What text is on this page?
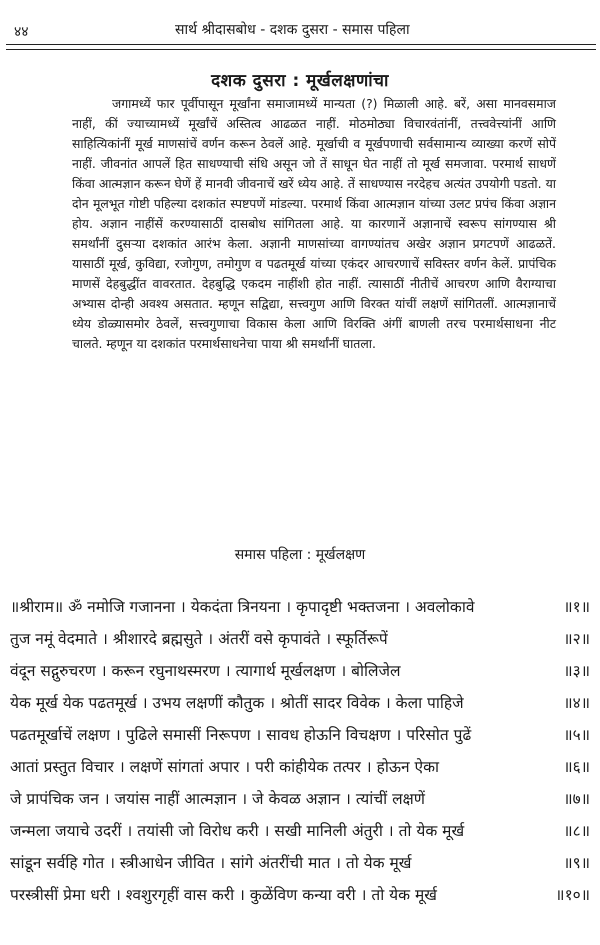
४४	सार्थ श्रीदासबोध - दशक दुसरा - समास पहिला
दशक दुसरा : मूर्खलक्षणांचा

जगामध्यें फार पूर्वीपासून मूर्खांना समाजामध्यें मान्यता (?) मिळाली आहे. बरें, असा मानवसमाज नाहीं, कीं ज्याच्यामध्यें मूर्खांचें अस्तित्व आढळत नाहीं. मोठमोठ्या विचारवंतांनीं, तत्त्ववेत्त्यांनीं आणि साहित्यिकांनीं मूर्ख माणसांचें वर्णन करून ठेवलें आहे. मूर्खाची व मूर्खपणाची सर्वसामान्य व्याख्या करणें सोपें नाहीं. जीवनांत आपलें हित साधण्याची संधि असून जो तें साधून घेत नाहीं तो मूर्ख समजावा. परमार्थ साधणें किंवा आत्मज्ञान करून घेणें हें मानवी जीवनाचें खरें ध्येय आहे. तें साधण्यास नरदेहच अत्यंत उपयोगी पडतो. या दोन मूलभूत गोष्टी पहिल्या दशकांत स्पष्टपणें मांडल्या. परमार्थ किंवा आत्मज्ञान यांच्या उलट प्रपंच किंवा अज्ञान होय. अज्ञान नाहींसें करण्यासाठीं दासबोध सांगितला आहे. या कारणानें अज्ञानाचें स्वरूप सांगण्यास श्री समर्थांनीं दुसऱ्या दशकांत आरंभ केला. अज्ञानी माणसांच्या वागण्यांतच अखेर अज्ञान प्रगटपणें आढळतें. यासाठीं मूर्ख, कुविद्या, रजोगुण, तमोगुण व पढतमूर्ख यांच्या एकंदर आचरणाचें सविस्तर वर्णन केलें. प्रापंचिक माणसें देहबुद्धींत वावरतात. देहबुद्धि एकदम नाहींशी होत नाहीं. त्यासाठीं नीतीचें आचरण आणि वैराग्याचा अभ्यास दोन्ही अवश्य असतात. म्हणून सद्विद्या, सत्त्वगुण आणि विरक्त यांचीं लक्षणें सांगितलीं. आत्मज्ञानाचें ध्येय डोळ्यासमोर ठेवलें, सत्त्वगुणाचा विकास केला आणि विरक्ति अंगीं बाणली तरच परमार्थसाधना नीट चालते. म्हणून या दशकांत परमार्थसाधनेचा पाया श्री समर्थांनीं घातला.

समास पहिला : मूर्खलक्षण
॥श्रीराम॥ ॐ नमोजि गजानना । येकदंता त्रिनयना । कृपादृष्टी भक्तजना । अवलोकावे	॥१॥
तुज नमूं वेदमाते । श्रीशारदे ब्रह्मसुते । अंतरीं वसे कृपावंते । स्फूर्तिरूपें	॥२॥
वंदून सद्गुरुचरण । करून रघुनाथस्मरण । त्यागार्थ मूर्खलक्षण । बोलिजेल	॥३॥
येक मूर्ख येक पढतमूर्ख । उभय लक्षणीं कौतुक । श्रोतीं सादर विवेक । केला पाहिजे	॥४॥
पढतमूर्खाचें लक्षण । पुढिले समासीं निरूपण । सावध होऊनि विचक्षण । परिसोत पुढें	॥५॥
आतां प्रस्तुत विचार । लक्षणें सांगतां अपार । परी कांहीयेक तत्पर । होऊन ऐका	॥६॥
जे प्रापंचिक जन । जयांस नाहीं आत्मज्ञान । जे केवळ अज्ञान । त्यांचीं लक्षणें	॥७॥
जन्मला जयाचे उदरीं । तयांसी जो विरोध करी । सखी मानिली अंतुरी । तो येक मूर्ख	॥८॥
सांडून सर्वहि गोत । स्त्रीआधेन जीवित । सांगे अंतरींची मात । तो येक मूर्ख	॥९॥
परस्त्रीसीं प्रेमा धरी । श्वशुरगृहीं वास करी । कुळेंविण कन्या वरी । तो येक मूर्ख	॥१०॥
